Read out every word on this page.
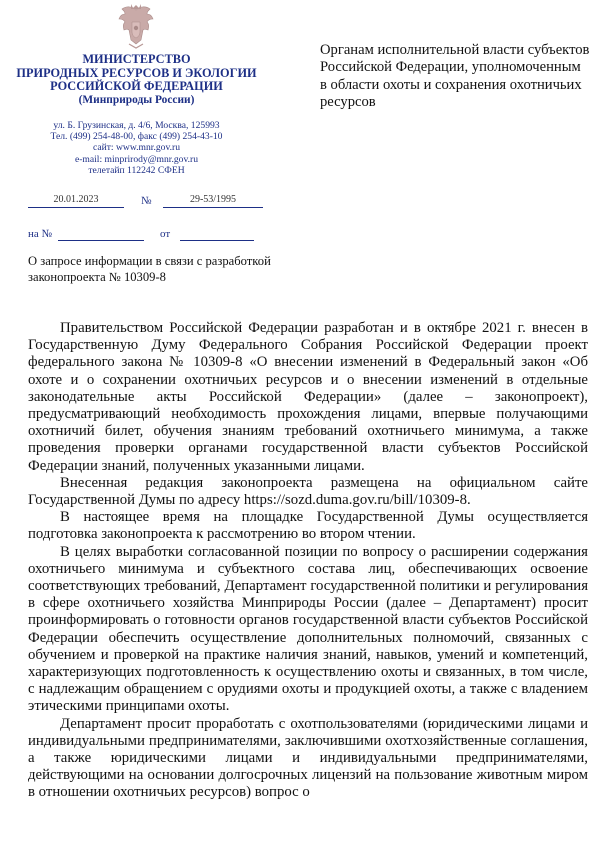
МИНИСТЕРСТВО
ПРИРОДНЫХ РЕСУРСОВ И ЭКОЛОГИИ
РОССИЙСКОЙ ФЕДЕРАЦИИ
(Минприроды России)
ул. Б. Грузинская, д. 4/6, Москва, 125993
Тел. (499) 254-48-00, факс (499) 254-43-10
сайт: www.mnr.gov.ru
e-mail: minprirody@mnr.gov.ru
телетайп 112242 СФЕН
Органам исполнительной власти субъектов Российской Федерации, уполномоченным в области охоты и сохранения охотничьих ресурсов
20.01.2023	№	29-53/1995
на №	от
О запросе информации в связи с разработкой законопроекта № 10309-8

Правительством Российской Федерации разработан и в октябре 2021 г. внесен в Государственную Думу Федерального Собрания Российской Федерации проект федерального закона № 10309-8 «О внесении изменений в Федеральный закон «Об охоте и о сохранении охотничьих ресурсов и о внесении изменений в отдельные законодательные акты Российской Федерации» (далее – законопроект), предусматривающий необходимость прохождения лицами, впервые получающими охотничий билет, обучения знаниям требований охотничьего минимума, а также проведения проверки органами государственной власти субъектов Российской Федерации знаний, полученных указанными лицами.

Внесенная редакция законопроекта размещена на официальном сайте Государственной Думы по адресу https://sozd.duma.gov.ru/bill/10309-8.

В настоящее время на площадке Государственной Думы осуществляется подготовка законопроекта к рассмотрению во втором чтении.

В целях выработки согласованной позиции по вопросу о расширении содержания охотничьего минимума и субъектного состава лиц, обеспечивающих освоение соответствующих требований, Департамент государственной политики и регулирования в сфере охотничьего хозяйства Минприроды России (далее – Департамент) просит проинформировать о готовности органов государственной власти субъектов Российской Федерации обеспечить осуществление дополнительных полномочий, связанных с обучением и проверкой на практике наличия знаний, навыков, умений и компетенций, характеризующих подготовленность к осуществлению охоты и связанных, в том числе, с надлежащим обращением с орудиями охоты и продукцией охоты, а также с владением этическими принципами охоты.

Департамент просит проработать с охотпользователями (юридическими лицами и индивидуальными предпринимателями, заключившими охотхозяйственные соглашения, а также юридическими лицами и индивидуальными предпринимателями, действующими на основании долгосрочных лицензий на пользование животным миром в отношении охотничьих ресурсов) вопрос о
